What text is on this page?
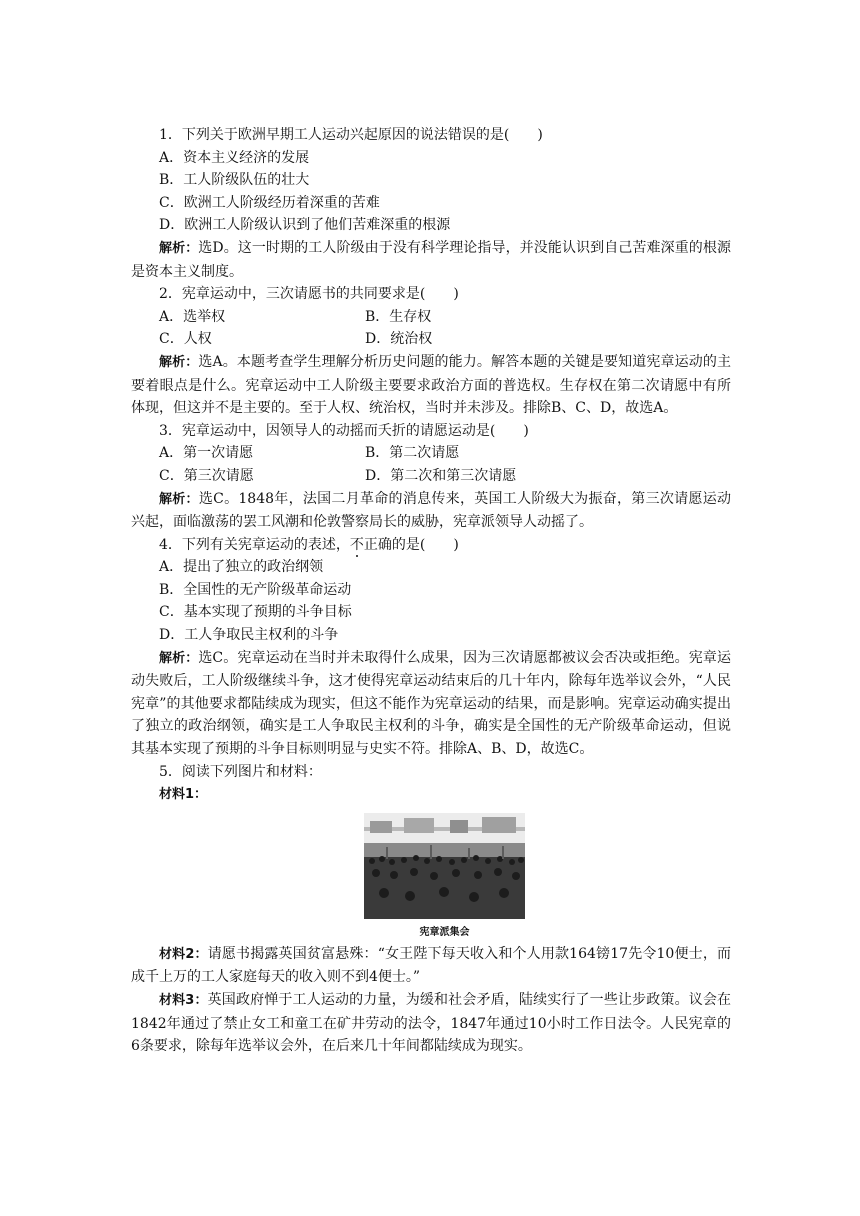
1．下列关于欧洲早期工人运动兴起原因的说法错误的是(　　)
A．资本主义经济的发展
B．工人阶级队伍的壮大
C．欧洲工人阶级经历着深重的苦难
D．欧洲工人阶级认识到了他们苦难深重的根源
解析：选D。这一时期的工人阶级由于没有科学理论指导，并没能认识到自己苦难深重的根源是资本主义制度。
2．宪章运动中，三次请愿书的共同要求是(　　)
A．选举权	B．生存权
C．人权	D．统治权
解析：选A。本题考查学生理解分析历史问题的能力。解答本题的关键是要知道宪章运动的主要着眼点是什么。宪章运动中工人阶级主要要求政治方面的普选权。生存权在第二次请愿中有所体现，但这并不是主要的。至于人权、统治权，当时并未涉及。排除B、C、D，故选A。
3．宪章运动中，因领导人的动摇而夭折的请愿运动是(　　)
A．第一次请愿	B．第二次请愿
C．第三次请愿	D．第二次和第三次请愿
解析：选C。1848年，法国二月革命的消息传来，英国工人阶级大为振奋，第三次请愿运动兴起，面临激荡的罢工风潮和伦敦警察局长的威胁，宪章派领导人动摇了。
4．下列有关宪章运动的表述，不正确的是(　　)
A．提出了独立的政治纲领
B．全国性的无产阶级革命运动
C．基本实现了预期的斗争目标
D．工人争取民主权利的斗争
解析：选C。宪章运动在当时并未取得什么成果，因为三次请愿都被议会否决或拒绝。宪章运动失败后，工人阶级继续斗争，这才使得宪章运动结束后的几十年内，除每年选举议会外，“人民宪章”的其他要求都陆续成为现实，但这不能作为宪章运动的结果，而是影响。宪章运动确实提出了独立的政治纲领，确实是工人争取民主权利的斗争，确实是全国性的无产阶级革命运动，但说其基本实现了预期的斗争目标则明显与史实不符。排除A、B、D，故选C。
5．阅读下列图片和材料：
材料1：
宪章派集会
材料2：请愿书揭露英国贫富悬殊：“女王陛下每天收入和个人用款164镑17先令10便士，而成千上万的工人家庭每天的收入则不到4便士。”
材料3：英国政府惮于工人运动的力量，为缓和社会矛盾，陆续实行了一些让步政策。议会在1842年通过了禁止女工和童工在矿井劳动的法令，1847年通过10小时工作日法令。人民宪章的6条要求，除每年选举议会外，在后来几十年间都陆续成为现实。
